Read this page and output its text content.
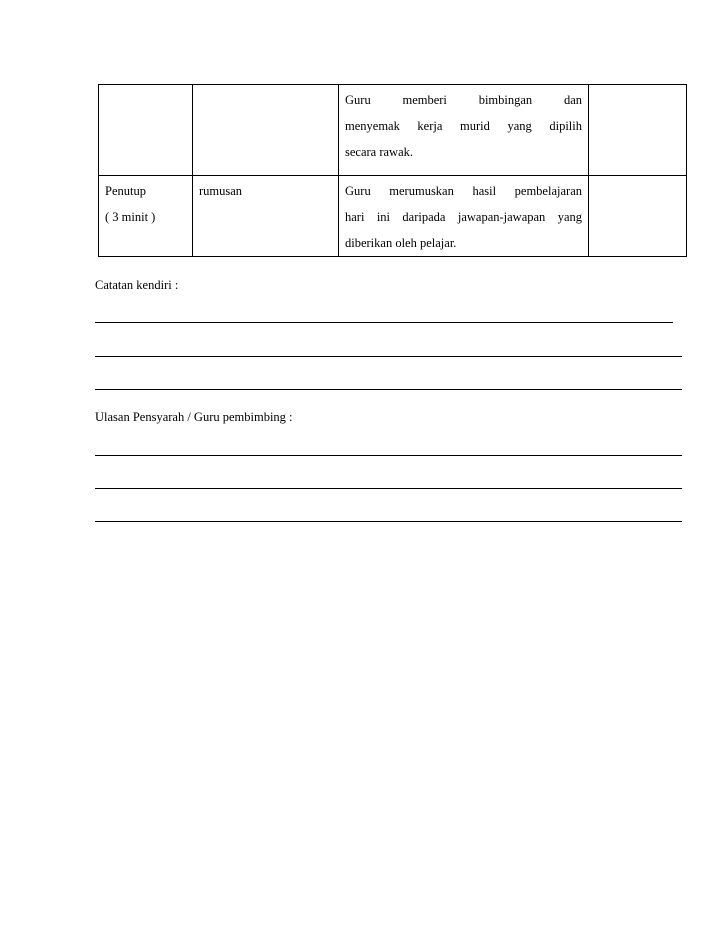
		Guru memberi bimbingan dan
menyemak kerja murid yang dipilih
secara rawak.	

Penutup
( 3 minit )	rumusan	Guru merumuskan hasil pembelajaran
hari ini daripada jawapan-jawapan yang
diberikan oleh pelajar.	

Catatan kendiri :
Ulasan Pensyarah / Guru pembimbing :
